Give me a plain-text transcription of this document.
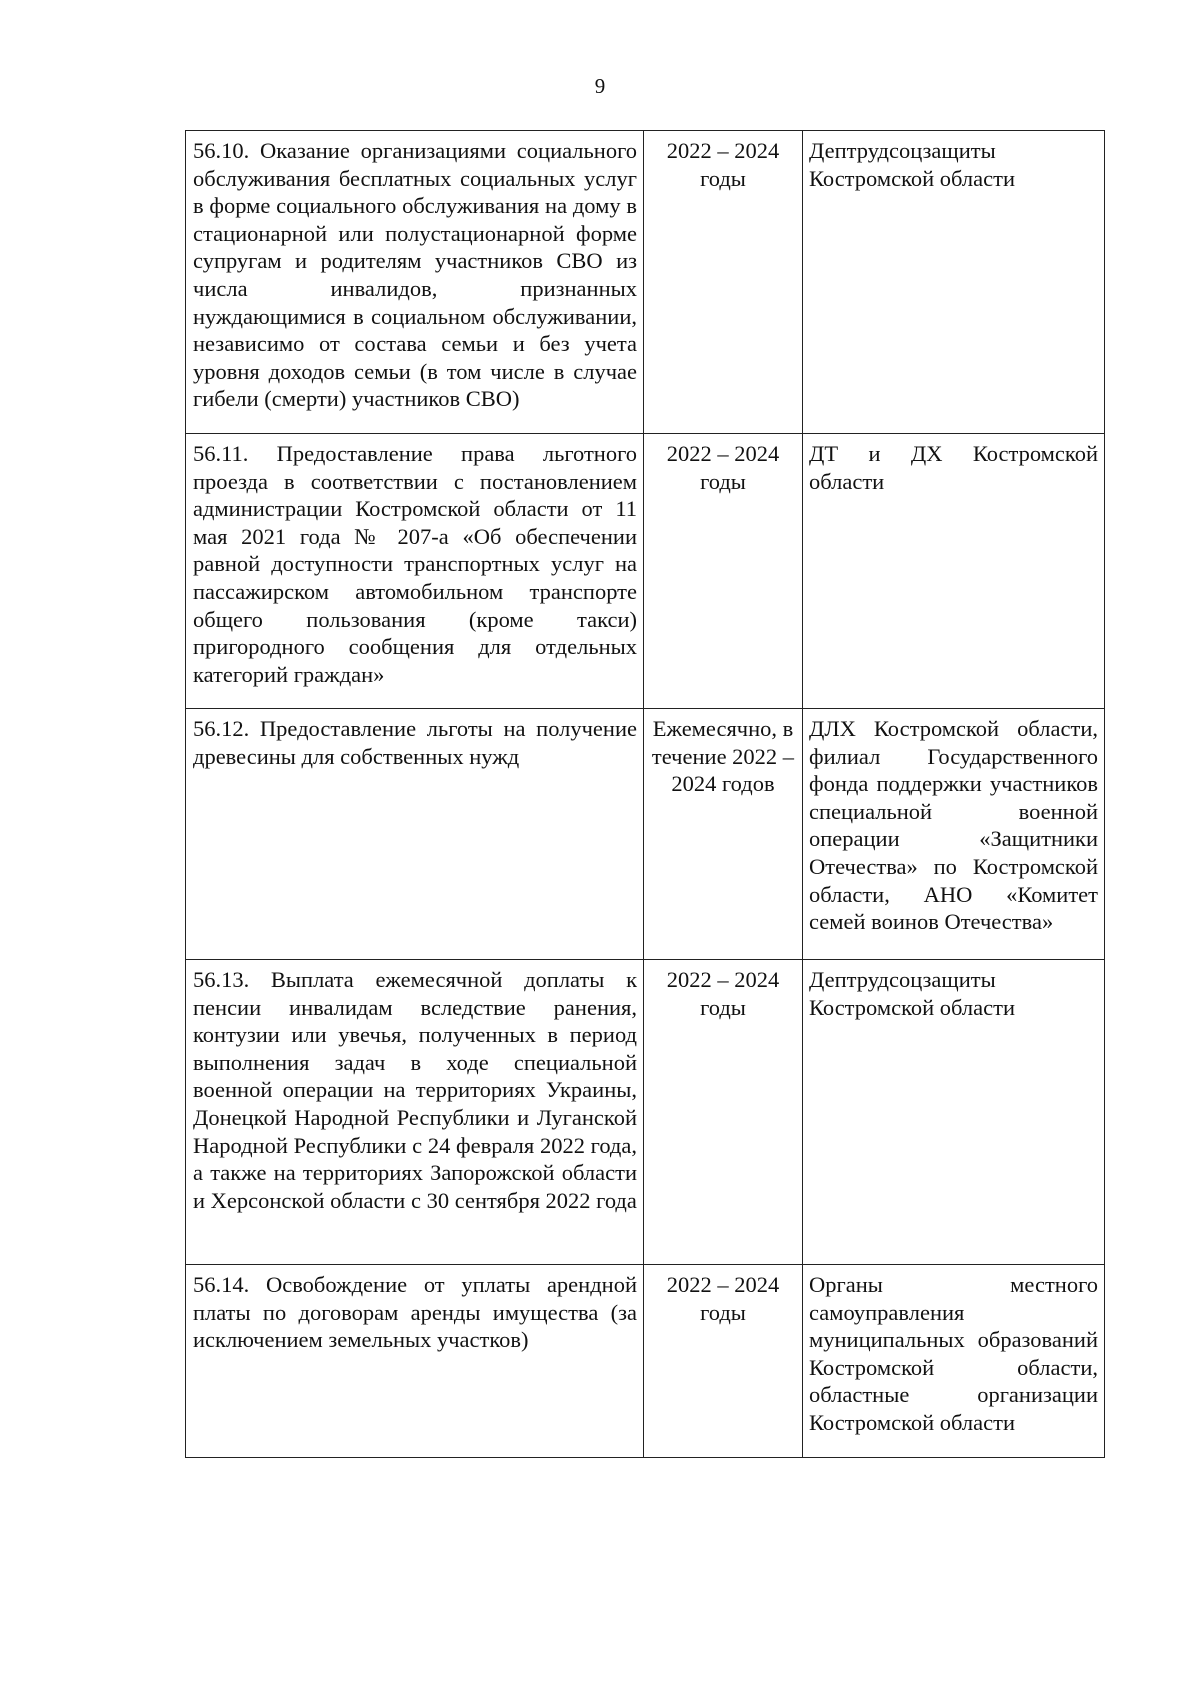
9
56.10. Оказание организациями социального обслуживания бесплатных социальных услуг в форме социального обслуживания на дому в стационарной или полустационарной форме супругам и родителям участников СВО из числа инвалидов, признанных нуждающимися в социальном обслуживании, независимо от состава семьи и без учета уровня доходов семьи (в том числе в случае гибели (смерти) участников СВО)	2022 – 2024 годы	Дептрудсоцзащиты Костромской области
56.11. Предоставление права льготного проезда в соответствии с постановлением администрации Костромской области от 11 мая 2021 года № 207-а «Об обеспечении равной доступности транспортных услуг на пассажирском автомобильном транспорте общего пользования (кроме такси) пригородного сообщения для отдельных категорий граждан»	2022 – 2024 годы	ДТ и ДХ Костромской области
56.12. Предоставление льготы на получение древесины для собственных нужд	Ежемесячно, в течение 2022 – 2024 годов	ДЛХ Костромской области, филиал Государственного фонда поддержки участников специальной военной операции «Защитники Отечества» по Костромской области, АНО «Комитет семей воинов Отечества»
56.13. Выплата ежемесячной доплаты к пенсии инвалидам вследствие ранения, контузии или увечья, полученных в период выполнения задач в ходе специальной военной операции на территориях Украины, Донецкой Народной Республики и Луганской Народной Республики с 24 февраля 2022 года, а также на территориях Запорожской области и Херсонской области с 30 сентября 2022 года	2022 – 2024 годы	Дептрудсоцзащиты Костромской области
56.14. Освобождение от уплаты арендной платы по договорам аренды имущества (за исключением земельных участков)	2022 – 2024 годы	Органы местного самоуправления муниципальных образований Костромской области, областные организации Костромской области
